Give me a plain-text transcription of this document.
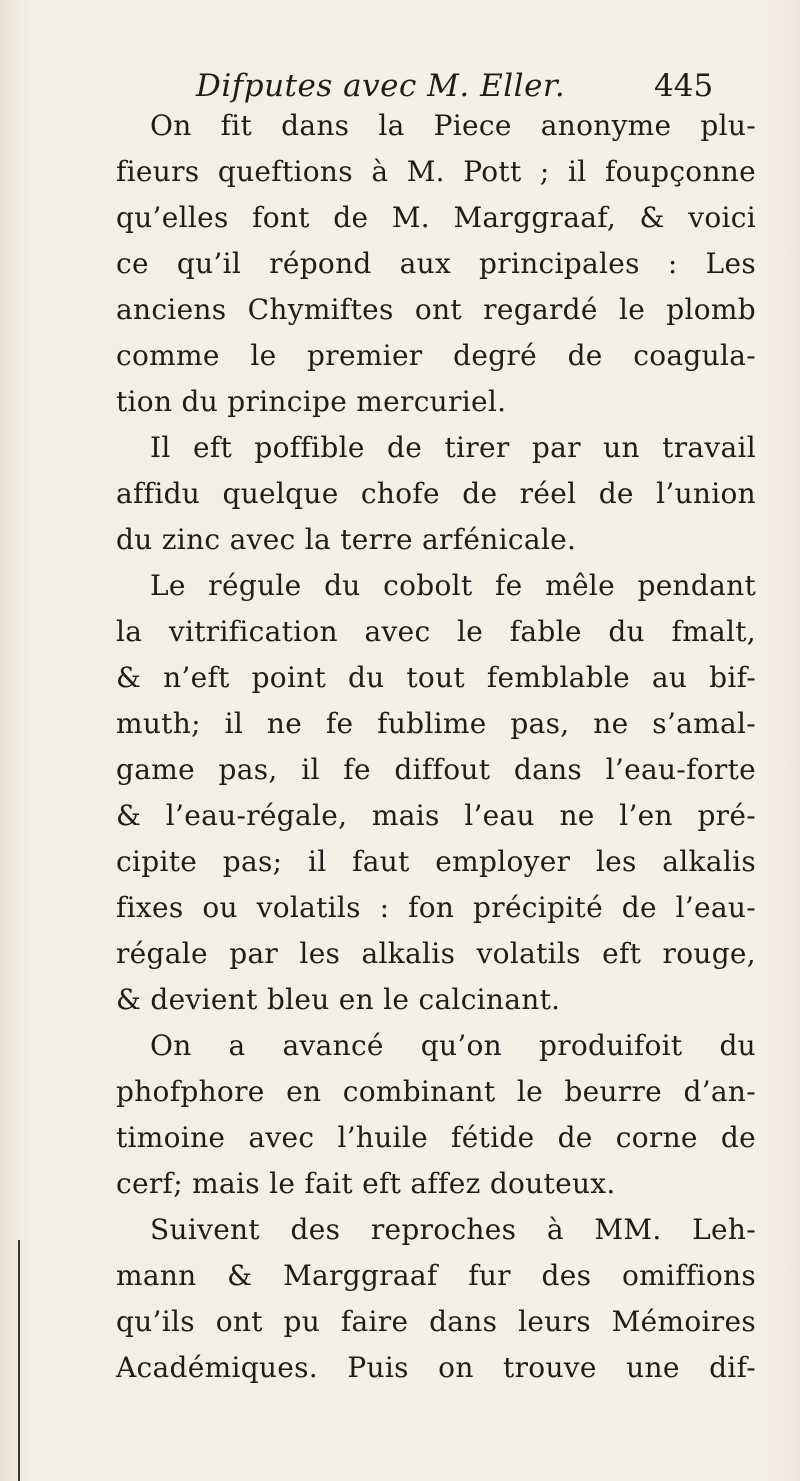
Difputes avec M. Eller.	445
On fit dans la Piece anonyme plu-
fieurs queftions à M. Pott ; il foupçonne
qu’elles font de M. Marggraaf, & voici
ce qu’il répond aux principales : Les
anciens Chymiftes ont regardé le plomb
comme le premier degré de coagula-
tion du principe mercuriel.
Il eft poffible de tirer par un travail
affidu quelque chofe de réel de l’union
du zinc avec la terre arfénicale.
Le régule du cobolt fe mêle pendant
la vitrification avec le fable du fmalt,
& n’eft point du tout femblable au bif-
muth; il ne fe fublime pas, ne s’amal-
game pas, il fe diffout dans l’eau-forte
& l’eau-régale, mais l’eau ne l’en pré-
cipite pas; il faut employer les alkalis
fixes ou volatils : fon précipité de l’eau-
régale par les alkalis volatils eft rouge,
& devient bleu en le calcinant.
On a avancé qu’on produifoit du
phofphore en combinant le beurre d’an-
timoine avec l’huile fétide de corne de
cerf; mais le fait eft affez douteux.
Suivent des reproches à MM. Leh-
mann & Marggraaf fur des omiffions
qu’ils ont pu faire dans leurs Mémoires
Académiques. Puis on trouve une dif-
